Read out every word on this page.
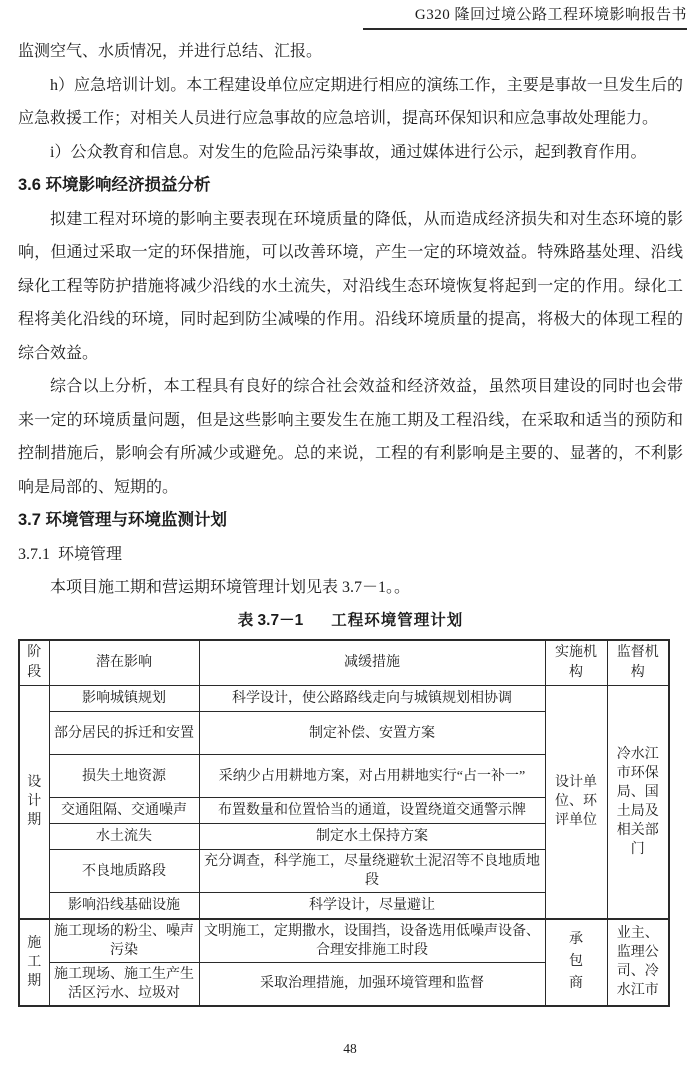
G320 隆回过境公路工程环境影响报告书

监测空气、水质情况，并进行总结、汇报。

h）应急培训计划。本工程建设单位应定期进行相应的演练工作，主要是事故一旦发生后的应急救援工作；对相关人员进行应急事故的应急培训，提高环保知识和应急事故处理能力。

i）公众教育和信息。对发生的危险品污染事故，通过媒体进行公示，起到教育作用。

3.6 环境影响经济损益分析

拟建工程对环境的影响主要表现在环境质量的降低，从而造成经济损失和对生态环境的影响，但通过采取一定的环保措施，可以改善环境，产生一定的环境效益。特殊路基处理、沿线绿化工程等防护措施将减少沿线的水土流失，对沿线生态环境恢复将起到一定的作用。绿化工程将美化沿线的环境，同时起到防尘减噪的作用。沿线环境质量的提高，将极大的体现工程的综合效益。

综合以上分析，本工程具有良好的综合社会效益和经济效益，虽然项目建设的同时也会带来一定的环境质量问题，但是这些影响主要发生在施工期及工程沿线，在采取和适当的预防和控制措施后，影响会有所减少或避免。总的来说，工程的有利影响是主要的、显著的，不利影响是局部的、短期的。

3.7 环境管理与环境监测计划
3.7.1  环境管理

本项目施工期和营运期环境管理计划见表 3.7－1。。

表 3.7－1 工程环境管理计划
阶段	潜在影响	减缓措施	实施机构	监督机构
设计期	影响城镇规划	科学设计，使公路路线走向与城镇规划相协调	设计单位、环评单位	冷水江市环保局、国土局及相关部门
	部分居民的拆迁和安置	制定补偿、安置方案		
	损失土地资源	采纳少占用耕地方案，对占用耕地实行“占一补一”		
	交通阻隔、交通噪声	布置数量和位置恰当的通道，设置绕道交通警示牌		
	水土流失	制定水土保持方案		
	不良地质路段	充分调查，科学施工，尽量绕避软土泥沼等不良地质地段		
	影响沿线基础设施	科学设计，尽量避让		
施工期	施工现场的粉尘、噪声污染	文明施工，定期撒水，设围挡，设备选用低噪声设备、合理安排施工时段	承包商	业主、监理公司、冷水江市
	施工现场、施工生产生活区污水、垃圾对	采取治理措施，加强环境管理和监督		
48
